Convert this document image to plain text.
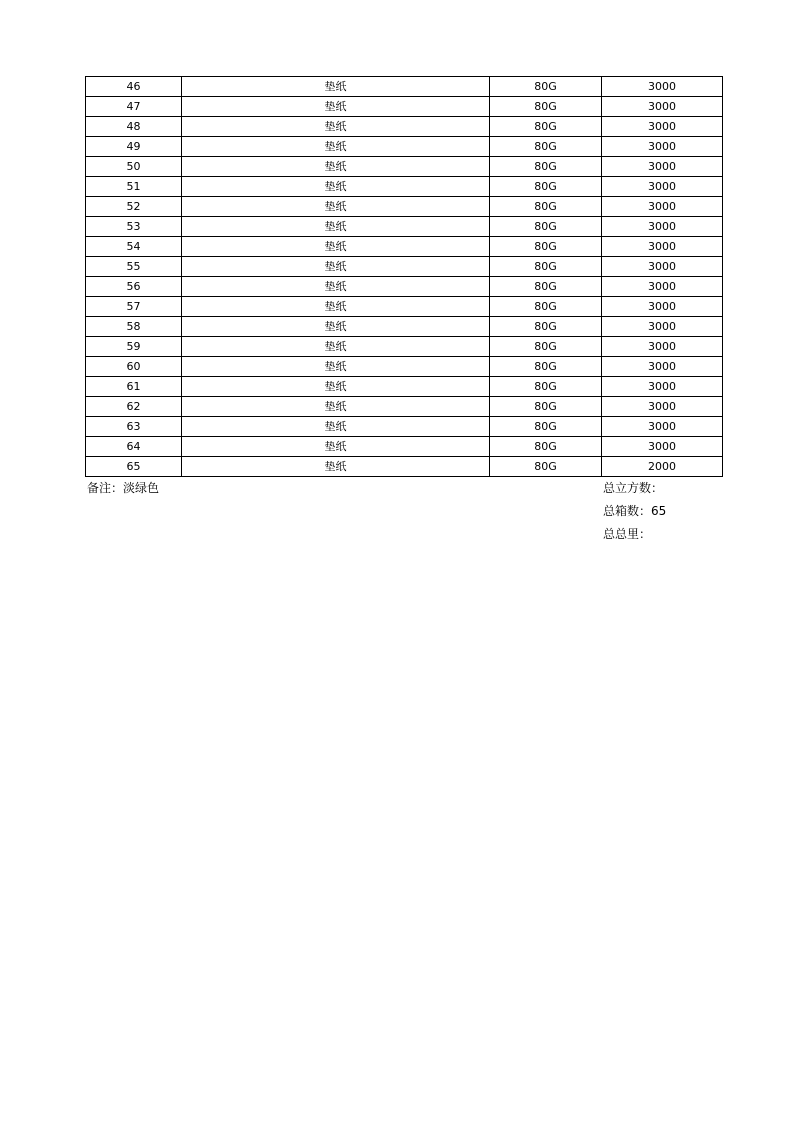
46	垫纸	80G	3000
47	垫纸	80G	3000
48	垫纸	80G	3000
49	垫纸	80G	3000
50	垫纸	80G	3000
51	垫纸	80G	3000
52	垫纸	80G	3000
53	垫纸	80G	3000
54	垫纸	80G	3000
55	垫纸	80G	3000
56	垫纸	80G	3000
57	垫纸	80G	3000
58	垫纸	80G	3000
59	垫纸	80G	3000
60	垫纸	80G	3000
61	垫纸	80G	3000
62	垫纸	80G	3000
63	垫纸	80G	3000
64	垫纸	80G	3000
65	垫纸	80G	2000
备注：淡绿色	总立方数：
总箱数：65
总总里：
